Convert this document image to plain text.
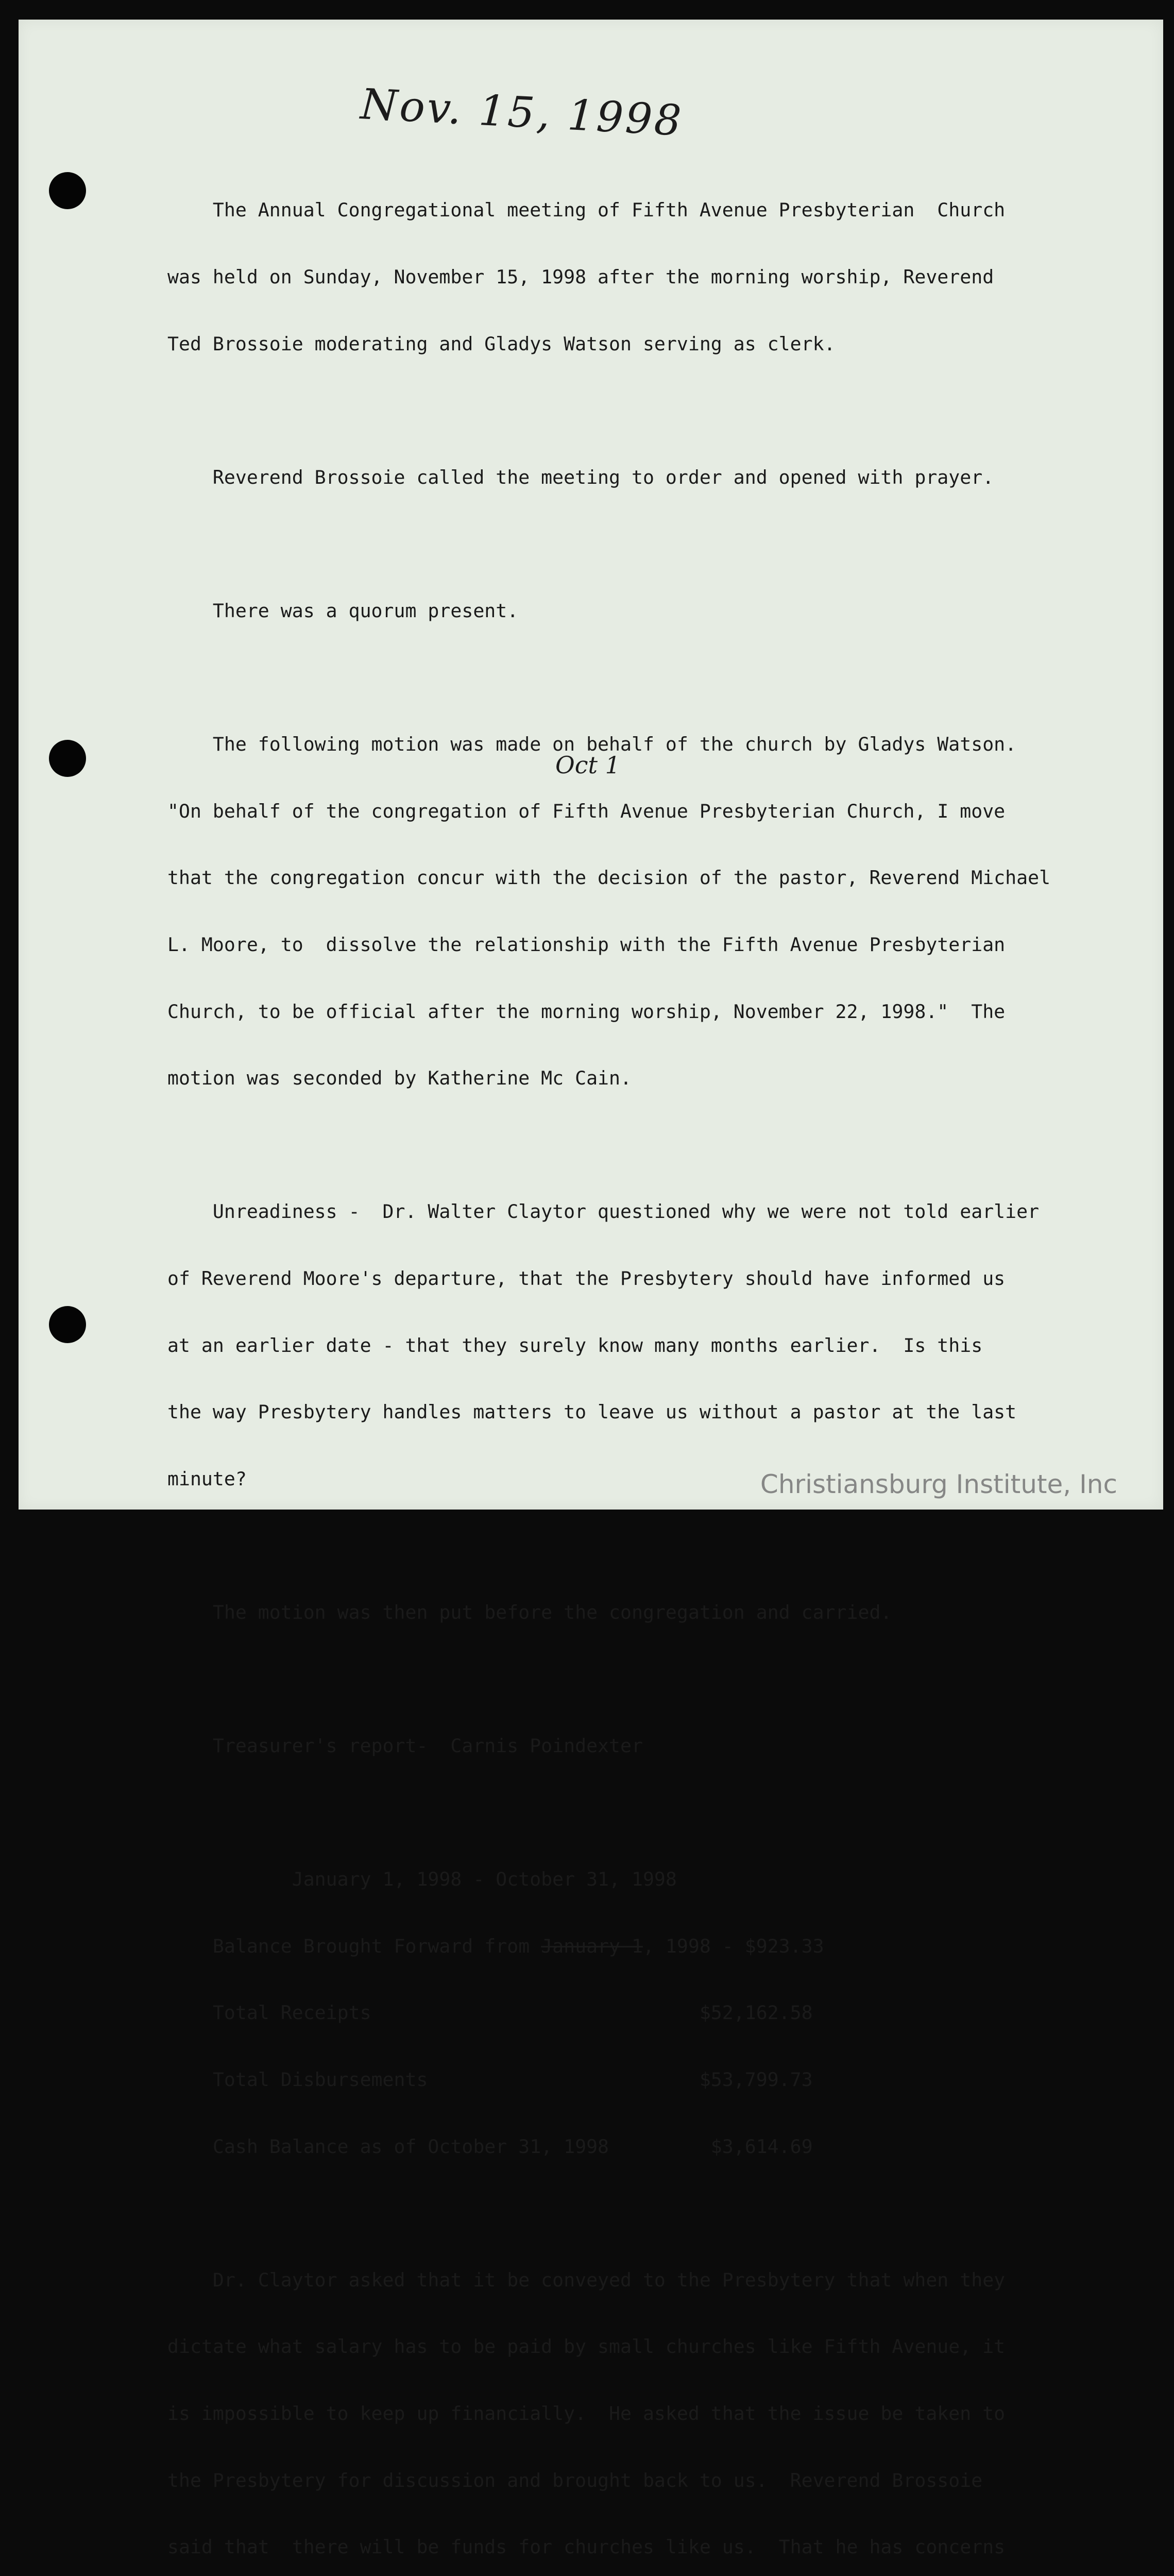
Nov. 15, 1998
Oct 1

The Annual Congregational meeting of Fifth Avenue Presbyterian  Church

was held on Sunday, November 15, 1998 after the morning worship, Reverend

Ted Brossoie moderating and Gladys Watson serving as clerk.

Reverend Brossoie called the meeting to order and opened with prayer.

There was a quorum present.

The following motion was made on behalf of the church by Gladys Watson.

"On behalf of the congregation of Fifth Avenue Presbyterian Church, I move

that the congregation concur with the decision of the pastor, Reverend Michael

L. Moore, to  dissolve the relationship with the Fifth Avenue Presbyterian

Church, to be official after the morning worship, November 22, 1998."  The

motion was seconded by Katherine Mc Cain.

Unreadiness -  Dr. Walter Claytor questioned why we were not told earlier

of Reverend Moore's departure, that the Presbytery should have informed us

at an earlier date - that they surely know many months earlier.  Is this

the way Presbytery handles matters to leave us without a pastor at the last

minute?

The motion was then put before the congregation and carried.

Treasurer's report-  Carnis Poindexter

January 1, 1998 - October 31, 1998

Balance Brought Forward from January 1, 1998 - $923.33

Total Receipts                             $52,162.58

Total Disbursements                        $53,799.73

Cash Balance as of October 31, 1998         $3,614.69

Dr. Claytor asked that it be conveyed to the Presbytery that when they

dictate what salary has to be paid by small churches like Fifth Avenue, it

is impossible to keep up financially.  He asked that the issue be taken to

the Presbytery for discussion and brought back to us.  Reverend Brossoie

said that  there will be funds for churches like us.  That he has concerns

Christiansburg Institute, Inc
